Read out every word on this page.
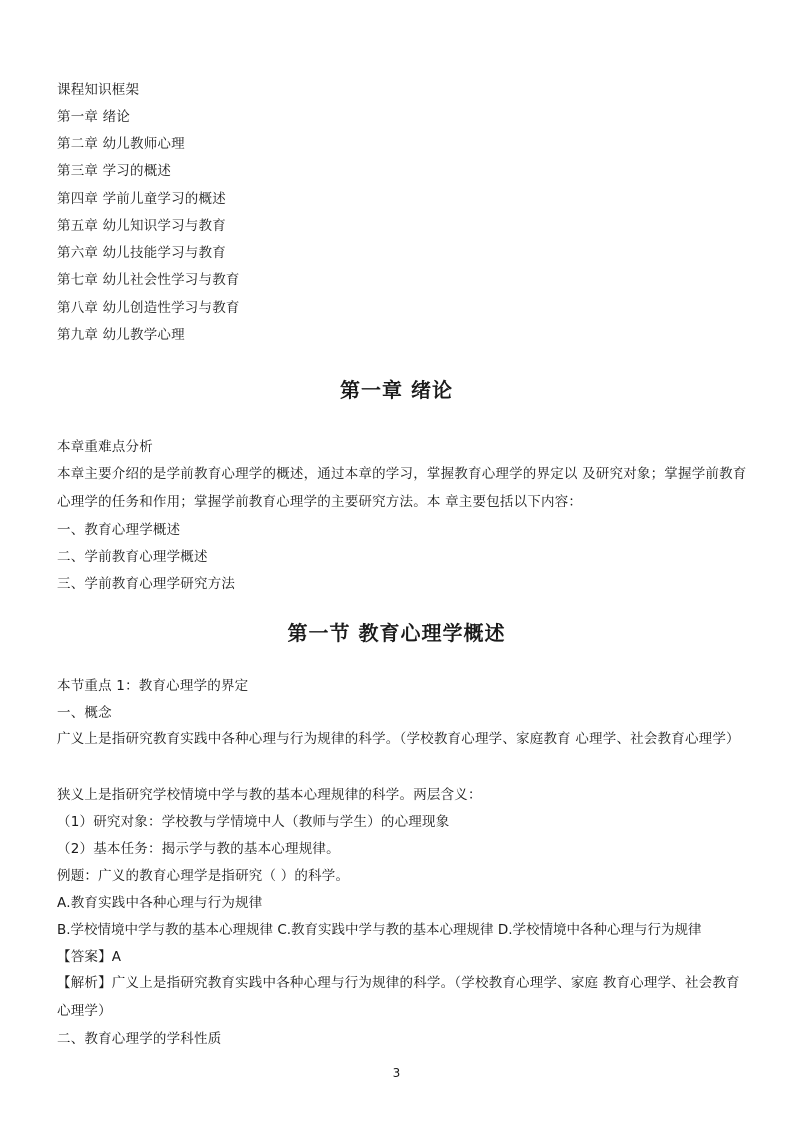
课程知识框架
第一章 绪论
第二章 幼儿教师心理
第三章 学习的概述
第四章 学前儿童学习的概述
第五章 幼儿知识学习与教育
第六章 幼儿技能学习与教育
第七章 幼儿社会性学习与教育
第八章 幼儿创造性学习与教育
第九章 幼儿教学心理
第一章 绪论
本章重难点分析
本章主要介绍的是学前教育心理学的概述，通过本章的学习，掌握教育心理学的界定以 及研究对象；掌握学前教育心理学的任务和作用；掌握学前教育心理学的主要研究方法。本 章主要包括以下内容：
一、教育心理学概述
二、学前教育心理学概述
三、学前教育心理学研究方法
第一节 教育心理学概述
本节重点 1：教育心理学的界定
一、概念
广义上是指研究教育实践中各种心理与行为规律的科学。（学校教育心理学、家庭教育 心理学、社会教育心理学）
狭义上是指研究学校情境中学与教的基本心理规律的科学。两层含义：
（1）研究对象：学校教与学情境中人（教师与学生）的心理现象
（2）基本任务：揭示学与教的基本心理规律。
例题：广义的教育心理学是指研究（ ）的科学。
A.教育实践中各种心理与行为规律
B.学校情境中学与教的基本心理规律 C.教育实践中学与教的基本心理规律 D.学校情境中各种心理与行为规律
【答案】A
【解析】广义上是指研究教育实践中各种心理与行为规律的科学。（学校教育心理学、家庭 教育心理学、社会教育心理学）
二、教育心理学的学科性质
3
